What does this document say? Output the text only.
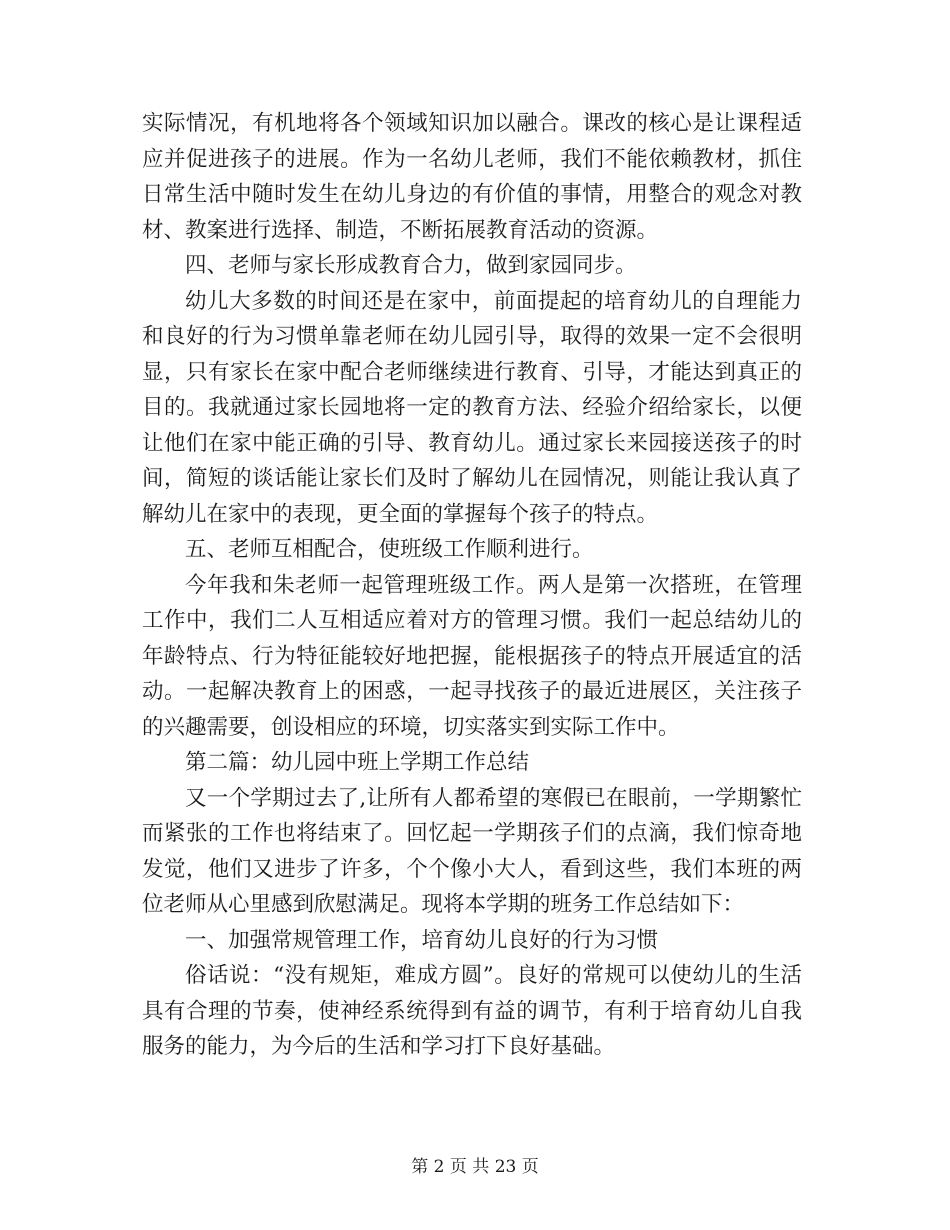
实际情况，有机地将各个领域知识加以融合。课改的核心是让课程适应并促进孩子的进展。作为一名幼儿老师，我们不能依赖教材，抓住日常生活中随时发生在幼儿身边的有价值的事情，用整合的观念对教材、教案进行选择、制造，不断拓展教育活动的资源。

四、老师与家长形成教育合力，做到家园同步。

幼儿大多数的时间还是在家中，前面提起的培育幼儿的自理能力和良好的行为习惯单靠老师在幼儿园引导，取得的效果一定不会很明显，只有家长在家中配合老师继续进行教育、引导，才能达到真正的目的。我就通过家长园地将一定的教育方法、经验介绍给家长，以便让他们在家中能正确的引导、教育幼儿。通过家长来园接送孩子的时间，简短的谈话能让家长们及时了解幼儿在园情况，则能让我认真了解幼儿在家中的表现，更全面的掌握每个孩子的特点。

五、老师互相配合，使班级工作顺利进行。

今年我和朱老师一起管理班级工作。两人是第一次搭班，在管理工作中，我们二人互相适应着对方的管理习惯。我们一起总结幼儿的年龄特点、行为特征能较好地把握，能根据孩子的特点开展适宜的活动。一起解决教育上的困惑，一起寻找孩子的最近进展区，关注孩子的兴趣需要，创设相应的环境，切实落实到实际工作中。

第二篇：幼儿园中班上学期工作总结

又一个学期过去了,让所有人都希望的寒假已在眼前，一学期繁忙而紧张的工作也将结束了。回忆起一学期孩子们的点滴，我们惊奇地发觉，他们又进步了许多，个个像小大人，看到这些，我们本班的两位老师从心里感到欣慰满足。现将本学期的班务工作总结如下：

一、加强常规管理工作，培育幼儿良好的行为习惯

俗话说：“没有规矩，难成方圆”。良好的常规可以使幼儿的生活具有合理的节奏，使神经系统得到有益的调节，有利于培育幼儿自我服务的能力，为今后的生活和学习打下良好基础。

第 2 页 共 23 页
